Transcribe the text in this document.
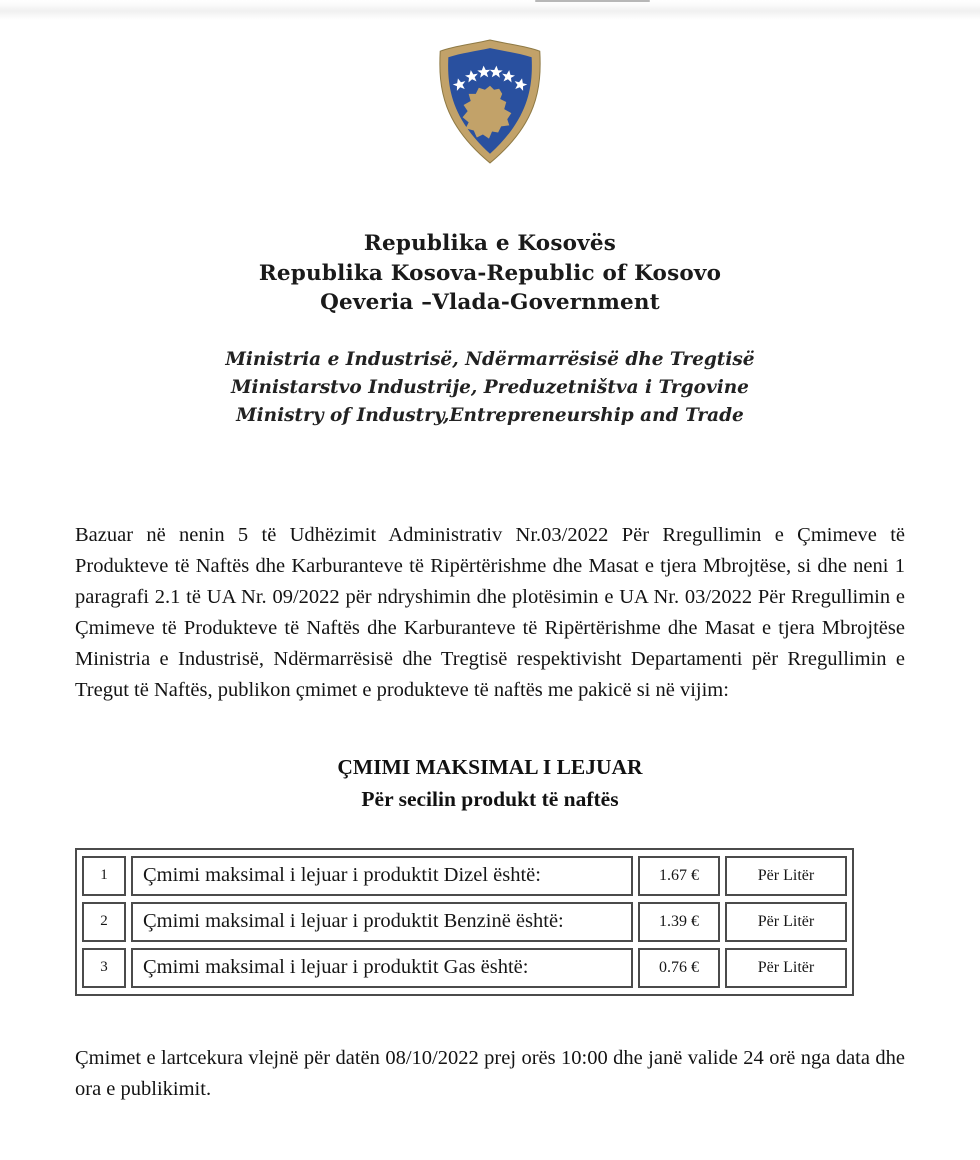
Republika e Kosovës
Republika Kosova-Republic of Kosovo
Qeveria –Vlada-Government
Ministria e Industrisë, Ndërmarrësisë dhe Tregtisë
Ministarstvo Industrije, Preduzetništva i Trgovine
Ministry of Industry,Entrepreneurship and Trade

Bazuar në nenin 5 të Udhëzimit Administrativ Nr.03/2022 Për Rregullimin e Çmimeve të Produkteve të Naftës dhe Karburanteve të Ripërtërishme dhe Masat e tjera Mbrojtëse, si dhe neni 1 paragrafi 2.1 të UA Nr. 09/2022 për ndryshimin dhe plotësimin e UA Nr. 03/2022 Për Rregullimin e Çmimeve të Produkteve të Naftës dhe Karburanteve të Ripërtërishme dhe Masat e tjera Mbrojtëse Ministria e Industrisë, Ndërmarrësisë dhe Tregtisë respektivisht Departamenti për Rregullimin e Tregut të Naftës, publikon çmimet e produkteve të naftës me pakicë si në vijim:

ÇMIMI MAKSIMAL I LEJUAR
Për secilin produkt të naftës
1	Çmimi maksimal i lejuar i produktit Dizel është:	1.67 €	Për Litër
2	Çmimi maksimal i lejuar i produktit Benzinë është:	1.39 €	Për Litër
3	Çmimi maksimal i lejuar i produktit Gas është:	0.76 €	Për Litër

Çmimet e lartcekura vlejnë për datën 08/10/2022 prej orës 10:00 dhe janë valide 24 orë nga data dhe ora e publikimit.
